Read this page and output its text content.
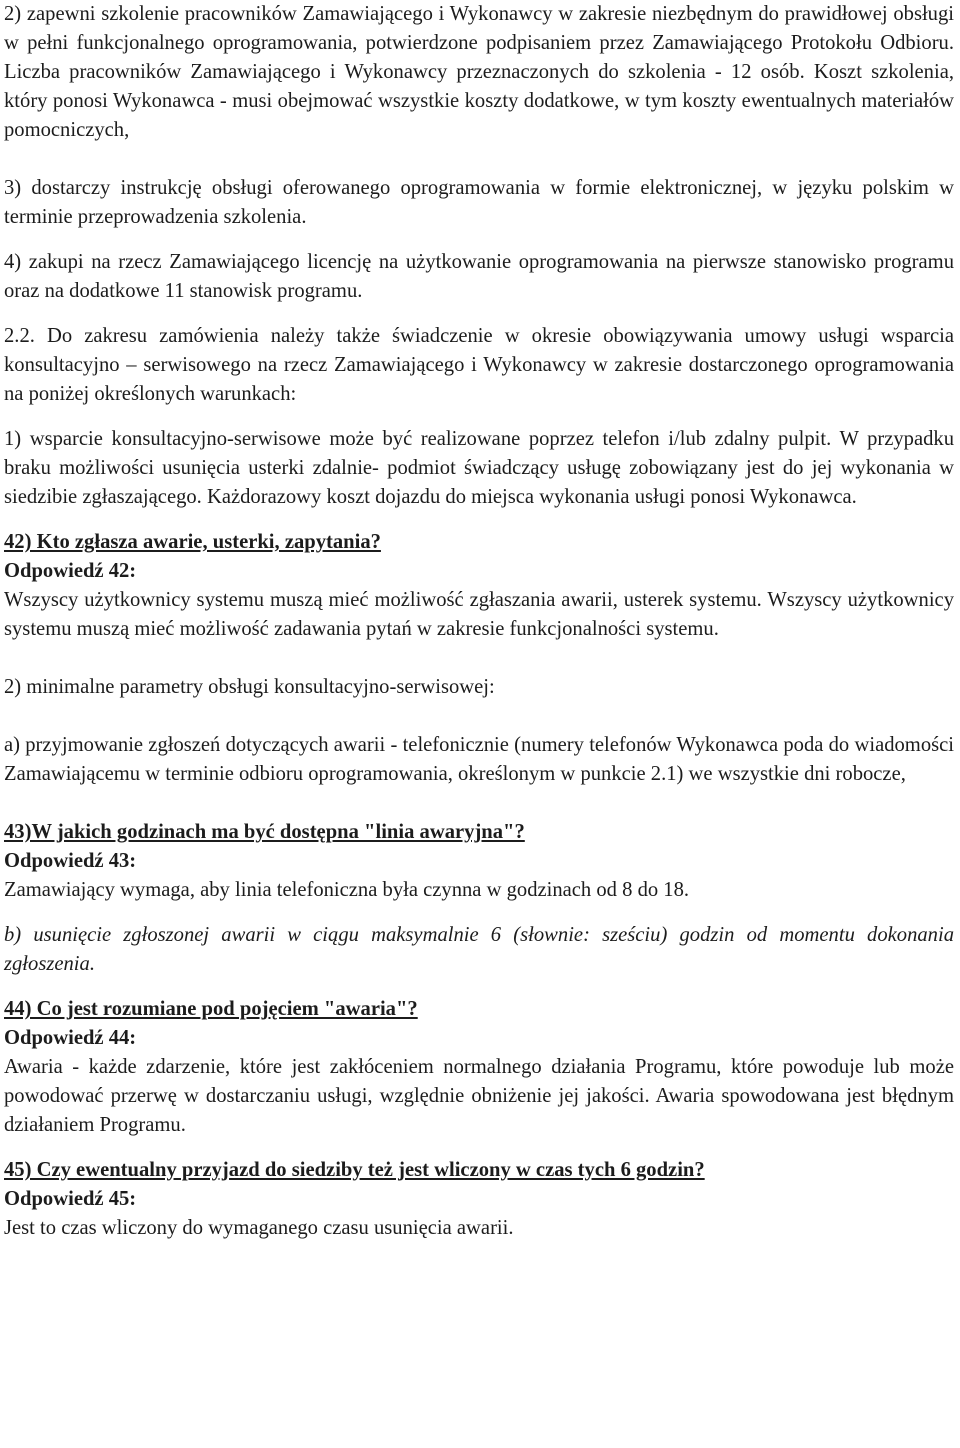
2) zapewni szkolenie pracowników Zamawiającego i Wykonawcy w zakresie niezbędnym do prawidłowej obsługi w pełni funkcjonalnego oprogramowania, potwierdzone podpisaniem przez Zamawiającego Protokołu Odbioru. Liczba pracowników Zamawiającego i Wykonawcy przeznaczonych do szkolenia - 12 osób. Koszt szkolenia, który ponosi Wykonawca - musi obejmować wszystkie koszty dodatkowe, w tym koszty ewentualnych materiałów pomocniczych,

3) dostarczy instrukcję obsługi oferowanego oprogramowania w formie elektronicznej, w języku polskim w terminie przeprowadzenia szkolenia.

4) zakupi na rzecz Zamawiającego licencję na użytkowanie oprogramowania na pierwsze stanowisko programu oraz na dodatkowe 11 stanowisk programu.

2.2. Do zakresu zamówienia należy także świadczenie w okresie obowiązywania umowy usługi wsparcia konsultacyjno – serwisowego na rzecz Zamawiającego i Wykonawcy w zakresie dostarczonego oprogramowania na poniżej określonych warunkach:

1) wsparcie konsultacyjno-serwisowe może być realizowane poprzez telefon i/lub zdalny pulpit. W przypadku braku możliwości usunięcia usterki zdalnie- podmiot świadczący usługę zobowiązany jest do jej wykonania w siedzibie zgłaszającego. Każdorazowy koszt dojazdu do miejsca wykonania usługi ponosi Wykonawca.

42) Kto zgłasza awarie, usterki, zapytania?

Odpowiedź 42:

Wszyscy użytkownicy systemu muszą mieć możliwość zgłaszania awarii, usterek systemu. Wszyscy użytkownicy systemu muszą mieć możliwość zadawania pytań w zakresie funkcjonalności systemu.

2) minimalne parametry obsługi konsultacyjno-serwisowej:

a) przyjmowanie zgłoszeń dotyczących awarii - telefonicznie (numery telefonów Wykonawca poda do wiadomości Zamawiającemu w terminie odbioru oprogramowania, określonym w punkcie 2.1) we wszystkie dni robocze,

43)W jakich godzinach ma być dostępna "linia awaryjna"?

Odpowiedź 43:

Zamawiający wymaga, aby linia telefoniczna była czynna w godzinach od 8 do 18.

b) usunięcie zgłoszonej awarii w ciągu maksymalnie 6 (słownie: sześciu) godzin od momentu dokonania zgłoszenia.

44) Co jest rozumiane pod pojęciem "awaria"?

Odpowiedź 44:

Awaria - każde zdarzenie, które jest zakłóceniem normalnego działania Programu, które powoduje lub może powodować przerwę w dostarczaniu usługi, względnie obniżenie jej jakości. Awaria spowodowana jest błędnym działaniem Programu.

45) Czy ewentualny przyjazd do siedziby też jest wliczony w czas tych 6 godzin?

Odpowiedź 45:

Jest to czas wliczony do wymaganego czasu usunięcia awarii.
